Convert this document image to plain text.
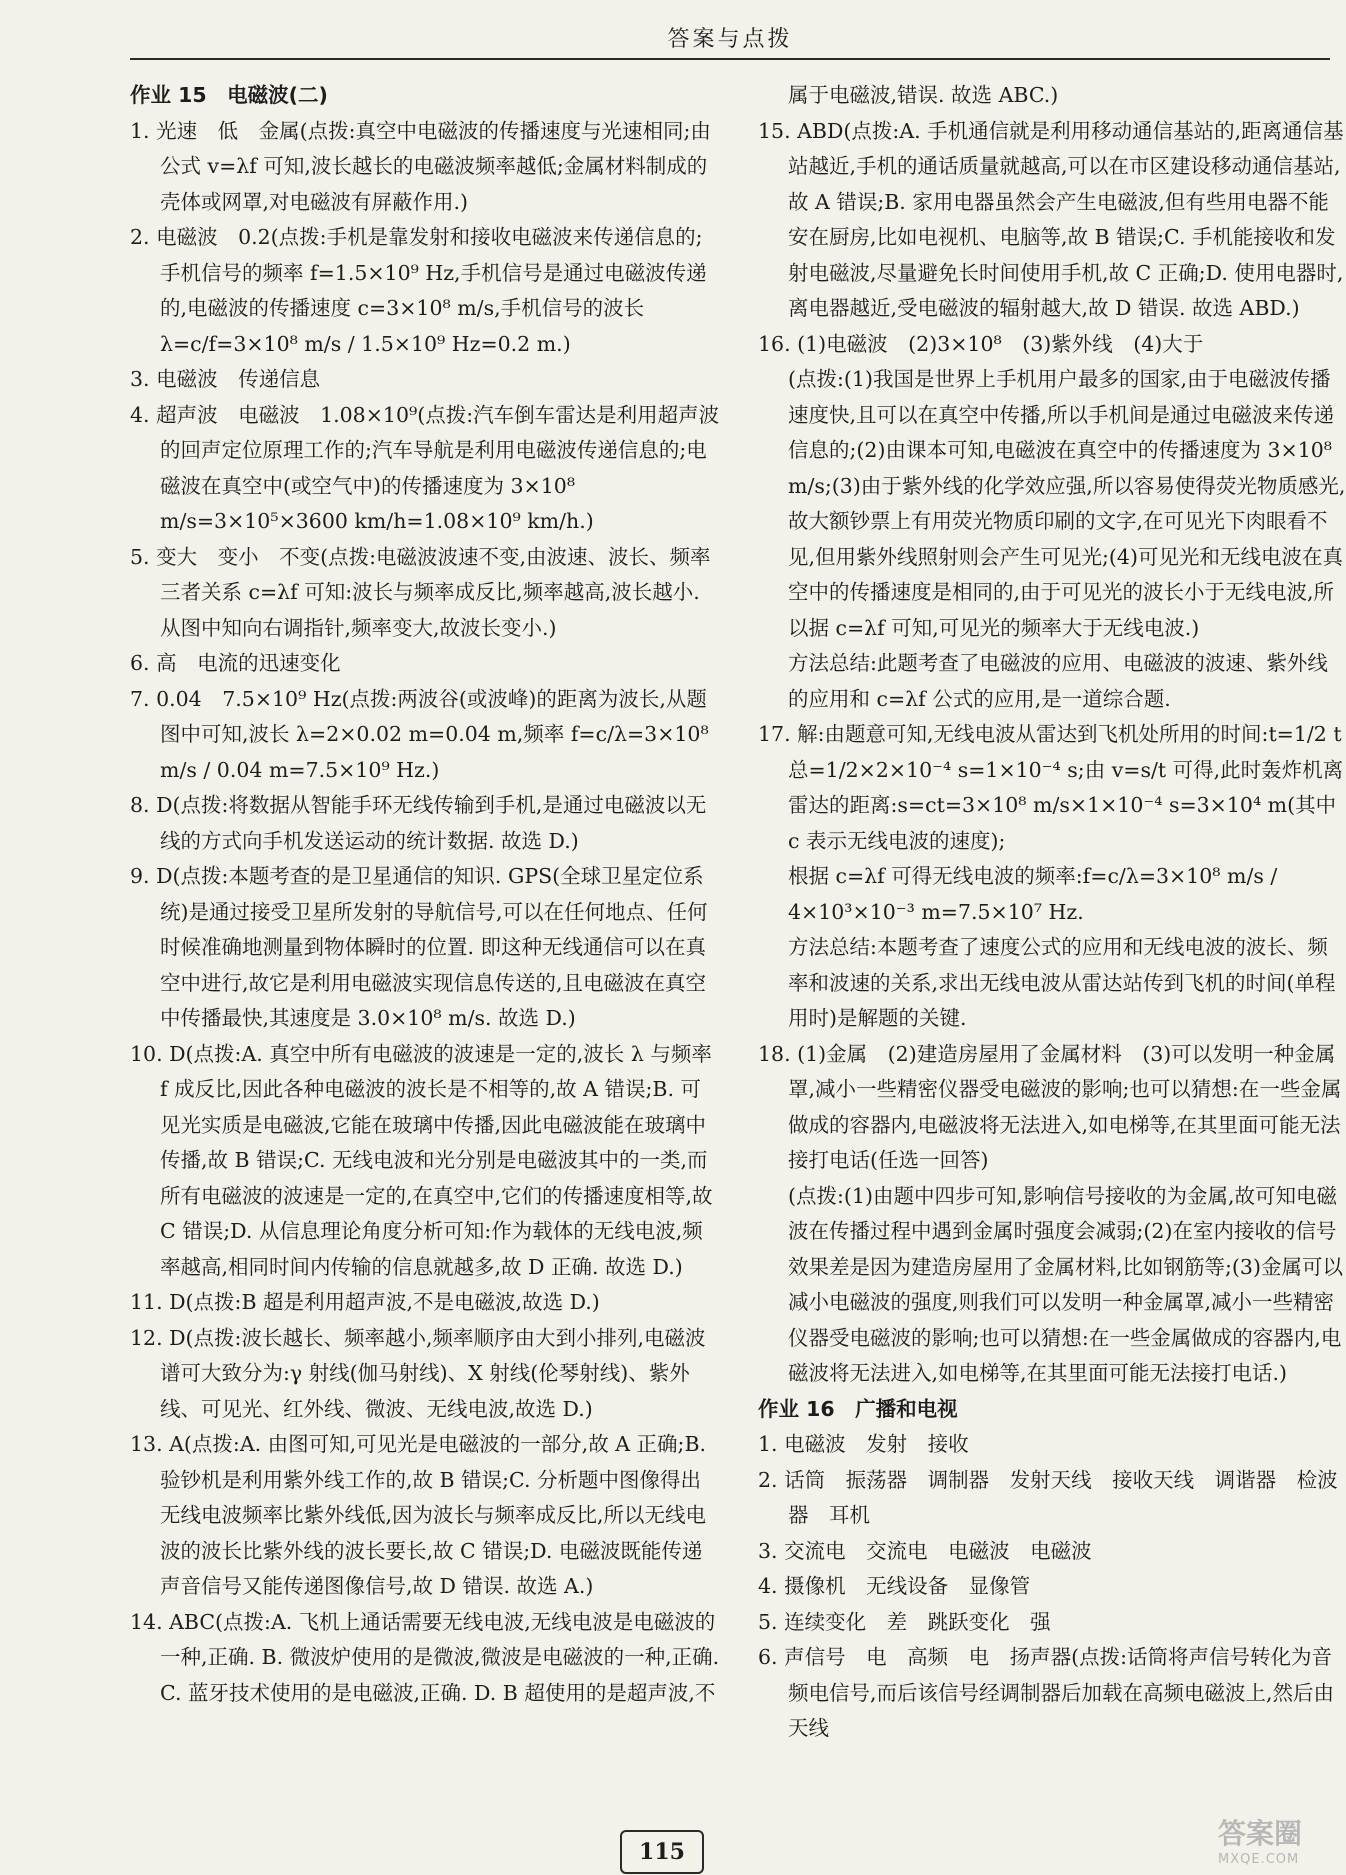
答案与点拨
作业 15　电磁波(二)
1. 光速　低　金属(点拨:真空中电磁波的传播速度与光速相同;由公式 v=λf 可知,波长越长的电磁波频率越低;金属材料制成的壳体或网罩,对电磁波有屏蔽作用.)
2. 电磁波　0.2(点拨:手机是靠发射和接收电磁波来传递信息的;手机信号的频率 f=1.5×10⁹ Hz,手机信号是通过电磁波传递的,电磁波的传播速度 c=3×10⁸ m/s,手机信号的波长 λ=c/f=3×10⁸ m/s / 1.5×10⁹ Hz=0.2 m.)
3. 电磁波　传递信息
4. 超声波　电磁波　1.08×10⁹(点拨:汽车倒车雷达是利用超声波的回声定位原理工作的;汽车导航是利用电磁波传递信息的;电磁波在真空中(或空气中)的传播速度为 3×10⁸ m/s=3×10⁵×3600 km/h=1.08×10⁹ km/h.)
5. 变大　变小　不变(点拨:电磁波波速不变,由波速、波长、频率三者关系 c=λf 可知:波长与频率成反比,频率越高,波长越小. 从图中知向右调指针,频率变大,故波长变小.)
6. 高　电流的迅速变化
7. 0.04　7.5×10⁹ Hz(点拨:两波谷(或波峰)的距离为波长,从题图中可知,波长 λ=2×0.02 m=0.04 m,频率 f=c/λ=3×10⁸ m/s / 0.04 m=7.5×10⁹ Hz.)
8. D(点拨:将数据从智能手环无线传输到手机,是通过电磁波以无线的方式向手机发送运动的统计数据. 故选 D.)
9. D(点拨:本题考查的是卫星通信的知识. GPS(全球卫星定位系统)是通过接受卫星所发射的导航信号,可以在任何地点、任何时候准确地测量到物体瞬时的位置. 即这种无线通信可以在真空中进行,故它是利用电磁波实现信息传送的,且电磁波在真空中传播最快,其速度是 3.0×10⁸ m/s. 故选 D.)
10. D(点拨:A. 真空中所有电磁波的波速是一定的,波长 λ 与频率 f 成反比,因此各种电磁波的波长是不相等的,故 A 错误;B. 可见光实质是电磁波,它能在玻璃中传播,因此电磁波能在玻璃中传播,故 B 错误;C. 无线电波和光分别是电磁波其中的一类,而所有电磁波的波速是一定的,在真空中,它们的传播速度相等,故 C 错误;D. 从信息理论角度分析可知:作为载体的无线电波,频率越高,相同时间内传输的信息就越多,故 D 正确. 故选 D.)
11. D(点拨:B 超是利用超声波,不是电磁波,故选 D.)
12. D(点拨:波长越长、频率越小,频率顺序由大到小排列,电磁波谱可大致分为:γ 射线(伽马射线)、X 射线(伦琴射线)、紫外线、可见光、红外线、微波、无线电波,故选 D.)
13. A(点拨:A. 由图可知,可见光是电磁波的一部分,故 A 正确;B. 验钞机是利用紫外线工作的,故 B 错误;C. 分析题中图像得出无线电波频率比紫外线低,因为波长与频率成反比,所以无线电波的波长比紫外线的波长要长,故 C 错误;D. 电磁波既能传递声音信号又能传递图像信号,故 D 错误. 故选 A.)
14. ABC(点拨:A. 飞机上通话需要无线电波,无线电波是电磁波的一种,正确. B. 微波炉使用的是微波,微波是电磁波的一种,正确. C. 蓝牙技术使用的是电磁波,正确. D. B 超使用的是超声波,不
属于电磁波,错误. 故选 ABC.)
15. ABD(点拨:A. 手机通信就是利用移动通信基站的,距离通信基站越近,手机的通话质量就越高,可以在市区建设移动通信基站,故 A 错误;B. 家用电器虽然会产生电磁波,但有些用电器不能安在厨房,比如电视机、电脑等,故 B 错误;C. 手机能接收和发射电磁波,尽量避免长时间使用手机,故 C 正确;D. 使用电器时,离电器越近,受电磁波的辐射越大,故 D 错误. 故选 ABD.)
16. (1)电磁波　(2)3×10⁸　(3)紫外线　(4)大于
(点拨:(1)我国是世界上手机用户最多的国家,由于电磁波传播速度快,且可以在真空中传播,所以手机间是通过电磁波来传递信息的;(2)由课本可知,电磁波在真空中的传播速度为 3×10⁸ m/s;(3)由于紫外线的化学效应强,所以容易使得荧光物质感光,故大额钞票上有用荧光物质印刷的文字,在可见光下肉眼看不见,但用紫外线照射则会产生可见光;(4)可见光和无线电波在真空中的传播速度是相同的,由于可见光的波长小于无线电波,所以据 c=λf 可知,可见光的频率大于无线电波.)
方法总结:此题考查了电磁波的应用、电磁波的波速、紫外线的应用和 c=λf 公式的应用,是一道综合题.
17. 解:由题意可知,无线电波从雷达到飞机处所用的时间:t=1/2 t总=1/2×2×10⁻⁴ s=1×10⁻⁴ s;由 v=s/t 可得,此时轰炸机离雷达的距离:s=ct=3×10⁸ m/s×1×10⁻⁴ s=3×10⁴ m(其中 c 表示无线电波的速度);
根据 c=λf 可得无线电波的频率:f=c/λ=3×10⁸ m/s / 4×10³×10⁻³ m=7.5×10⁷ Hz.
方法总结:本题考查了速度公式的应用和无线电波的波长、频率和波速的关系,求出无线电波从雷达站传到飞机的时间(单程用时)是解题的关键.
18. (1)金属　(2)建造房屋用了金属材料　(3)可以发明一种金属罩,减小一些精密仪器受电磁波的影响;也可以猜想:在一些金属做成的容器内,电磁波将无法进入,如电梯等,在其里面可能无法接打电话(任选一回答)
(点拨:(1)由题中四步可知,影响信号接收的为金属,故可知电磁波在传播过程中遇到金属时强度会减弱;(2)在室内接收的信号效果差是因为建造房屋用了金属材料,比如钢筋等;(3)金属可以减小电磁波的强度,则我们可以发明一种金属罩,减小一些精密仪器受电磁波的影响;也可以猜想:在一些金属做成的容器内,电磁波将无法进入,如电梯等,在其里面可能无法接打电话.)
作业 16　广播和电视
1. 电磁波　发射　接收
2. 话筒　振荡器　调制器　发射天线　接收天线　调谐器　检波器　耳机
3. 交流电　交流电　电磁波　电磁波
4. 摄像机　无线设备　显像管
5. 连续变化　差　跳跃变化　强
6. 声信号　电　高频　电　扬声器(点拨:话筒将声信号转化为音频电信号,而后该信号经调制器后加载在高频电磁波上,然后由天线
115
答案圈
MXQE.COM
